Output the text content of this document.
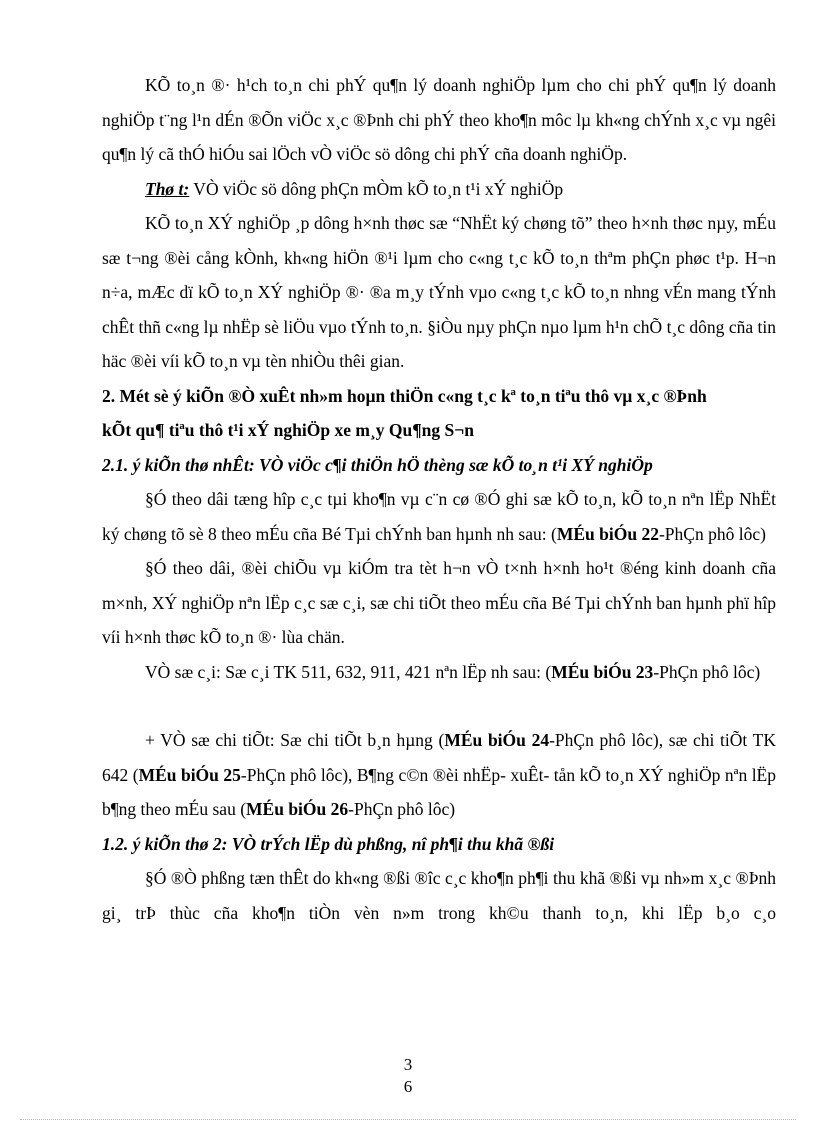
KÕ to¸n ®· h¹ch to¸n chi phÝ qu¶n lý doanh nghiÖp lµm cho chi phÝ qu¶n lý doanh nghiÖp t¨ng l¹n dÉn ®Õn viÖc x¸c ®Þnh chi phÝ theo kho¶n môc lµ kh«ng chÝnh x¸c vµ ngêi qu¶n lý cã thÓ hiÓu sai lÖch vÒ viÖc sö dông chi phÝ cña doanh nghiÖp.

Thø t: VÒ viÖc sö dông phÇn mÒm kÕ to¸n t¹i xÝ nghiÖp

KÕ to¸n XÝ nghiÖp ¸p dông h×nh thøc sæ “NhËt ký chøng tõ” theo h×nh thøc nµy, mÉu sæ t¬ng ®èi cång kÒnh, kh«ng hiÖn ®¹i lµm cho c«ng t¸c kÕ to¸n thªm phÇn phøc t¹p. H¬n n÷a, mÆc dï kÕ to¸n XÝ nghiÖp ®· ®a m¸y tÝnh vµo c«ng t¸c kÕ to¸n nhng vÉn mang tÝnh chÊt thñ c«ng lµ nhËp sè liÖu vµo tÝnh to¸n. §iÒu nµy phÇn nµo lµm h¹n chÕ t¸c dông cña tin häc ®èi víi kÕ to¸n vµ tèn nhiÒu thêi gian.

2. Mét sè ý kiÕn ®Ò xuÊt nh»m hoµn thiÖn c«ng t¸c kª to¸n tiªu thô vµ x¸c ®Þnh
kÕt qu¶ tiªu thô t¹i xÝ nghiÖp xe m¸y Qu¶ng S¬n

2.1. ý kiÕn thø nhÊt: VÒ viÖc c¶i thiÖn hÖ thèng sæ kÕ to¸n t¹i XÝ nghiÖp

§Ó theo dâi tæng hîp c¸c tµi kho¶n vµ c¨n cø ®Ó ghi sæ kÕ to¸n, kÕ to¸n nªn lËp NhËt ký chøng tõ sè 8 theo mÉu cña Bé Tµi chÝnh ban hµnh nh sau: (MÉu biÓu 22-PhÇn phô lôc)

§Ó theo dâi, ®èi chiÕu vµ kiÓm tra tèt h¬n vÒ t×nh h×nh ho¹t ®éng kinh doanh cña m×nh, XÝ nghiÖp nªn lËp c¸c sæ c¸i, sæ chi tiÕt theo mÉu cña Bé Tµi chÝnh ban hµnh phï hîp víi h×nh thøc kÕ to¸n ®· lùa chän.

VÒ sæ c¸i: Sæ c¸i TK 511, 632, 911, 421 nªn lËp nh sau: (MÉu biÓu 23-PhÇn phô lôc)

+ VÒ sæ chi tiÕt: Sæ chi tiÕt b¸n hµng (MÉu biÓu 24-PhÇn phô lôc), sæ chi tiÕt TK 642 (MÉu biÓu 25-PhÇn phô lôc), B¶ng c©n ®èi nhËp- xuÊt- tån kÕ to¸n XÝ nghiÖp nªn lËp b¶ng theo mÉu sau (MÉu biÓu 26-PhÇn phô lôc)

1.2. ý kiÕn thø 2: VÒ trÝch lËp dù phßng, nî ph¶i thu khã ®ßi

§Ó ®Ò phßng tæn thÊt do kh«ng ®ßi ®îc c¸c kho¶n ph¶i thu khã ®ßi vµ nh»m x¸c ®Þnh gi¸ trÞ thùc cña kho¶n tiÒn vèn n»m trong kh©u thanh to¸n, khi lËp b¸o c¸o

3
6
